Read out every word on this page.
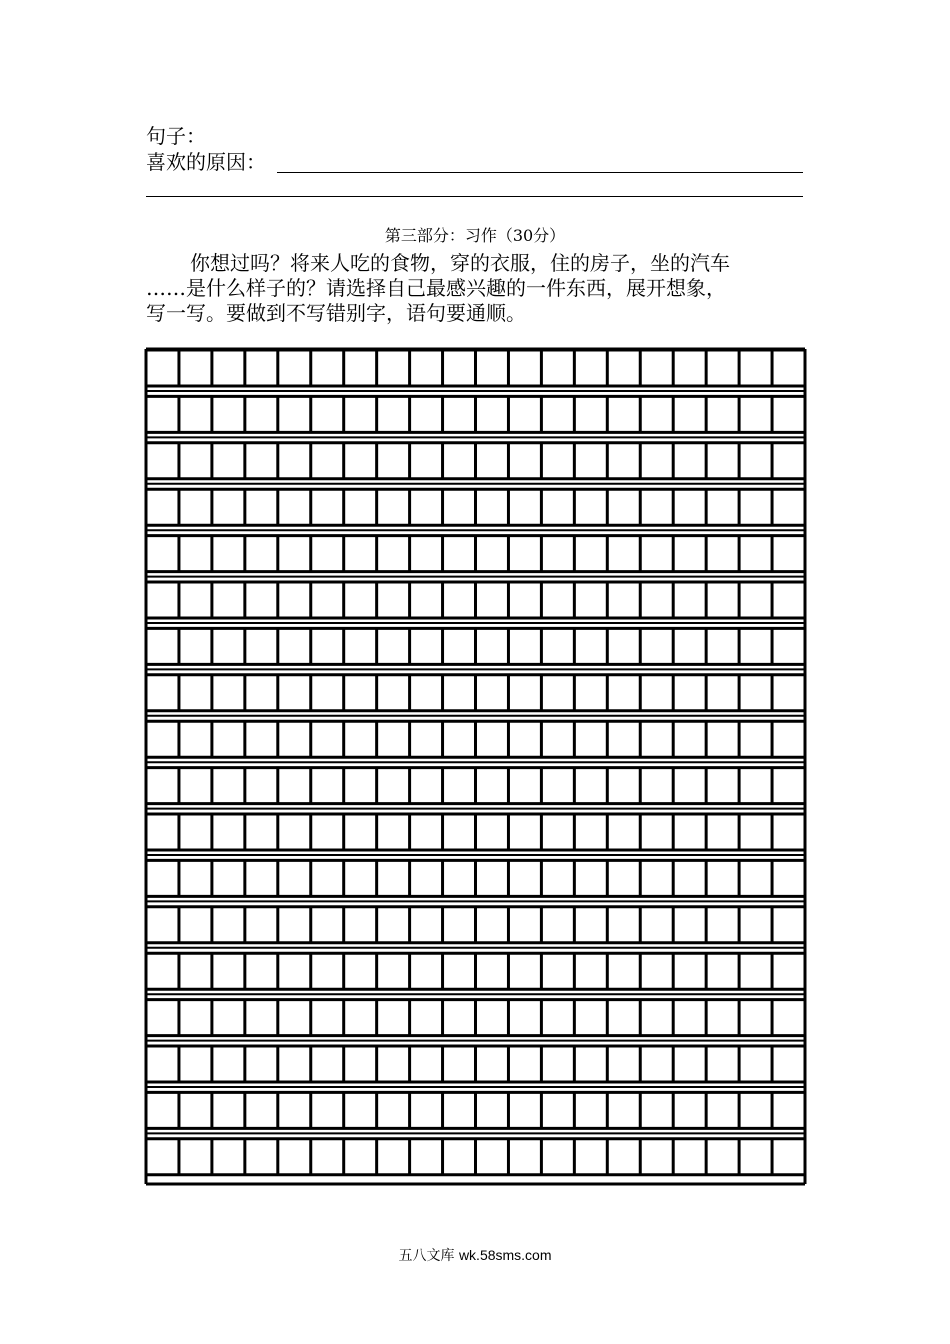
句子：
喜欢的原因：
第三部分：习作（30分）
你想过吗？将来人吃的食物，穿的衣服，住的房子，坐的汽车
……是什么样子的？请选择自己最感兴趣的一件东西，展开想象，
写一写。要做到不写错别字，语句要通顺。
五八文库 wk.58sms.com
